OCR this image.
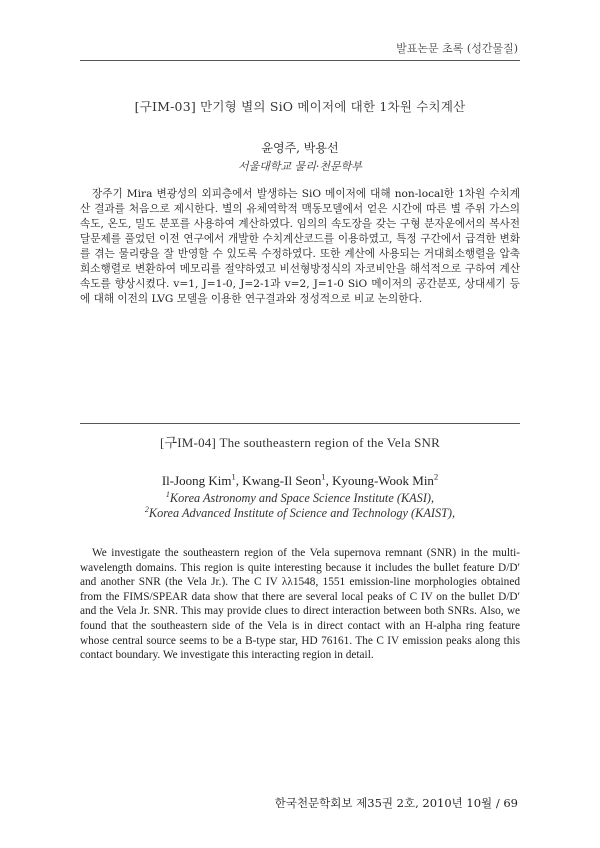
발표논문 초록 (성간물질)
[구IM-03] 만기형 별의 SiO 메이저에 대한 1차원 수치계산
윤영주, 박용선
서울대학교 물리·천문학부
장주기 Mira 변광성의 외피층에서 발생하는 SiO 메이저에 대해 non-local한 1차원 수치계산 결과를 처음으로 제시한다. 별의 유체역학적 맥동모델에서 얻은 시간에 따른 별 주위 가스의 속도, 온도, 밀도 분포를 사용하여 계산하였다. 임의의 속도장을 갖는 구형 분자운에서의 복사전달문제를 풀었던 이전 연구에서 개발한 수치계산코드를 이용하였고, 특정 구간에서 급격한 변화를 겪는 물리량을 잘 반영할 수 있도록 수정하였다. 또한 계산에 사용되는 거대희소행렬을 압축희소행렬로 변환하여 메모리를 절약하였고 비선형방정식의 자코비안을 해석적으로 구하여 계산속도를 향상시켰다. v=1, J=1-0, J=2-1과 v=2, J=1-0 SiO 메이저의 공간분포, 상대세기 등에 대해 이전의 LVG 모델을 이용한 연구결과와 정성적으로 비교 논의한다.
[구IM-04] The southeastern region of the Vela SNR
Il-Joong Kim$^1$, Kwang-Il Seon$^1$, Kyoung-Wook Min$^2$
$^1$Korea Astronomy and Space Science Institute (KASI),
$^2$Korea Advanced Institute of Science and Technology (KAIST),
We investigate the southeastern region of the Vela supernova remnant (SNR) in the multi-wavelength domains. This region is quite interesting because it includes the bullet feature D/D′ and another SNR (the Vela Jr.). The C IV λλ1548, 1551 emission-line morphologies obtained from the FIMS/SPEAR data show that there are several local peaks of C IV on the bullet D/D′ and the Vela Jr. SNR. This may provide clues to direct interaction between both SNRs. Also, we found that the southeastern side of the Vela is in direct contact with an H-alpha ring feature whose central source seems to be a B-type star, HD 76161. The C IV emission peaks along this contact boundary. We investigate this interacting region in detail.
한국천문학회보 제35권 2호, 2010년 10월 / 69
